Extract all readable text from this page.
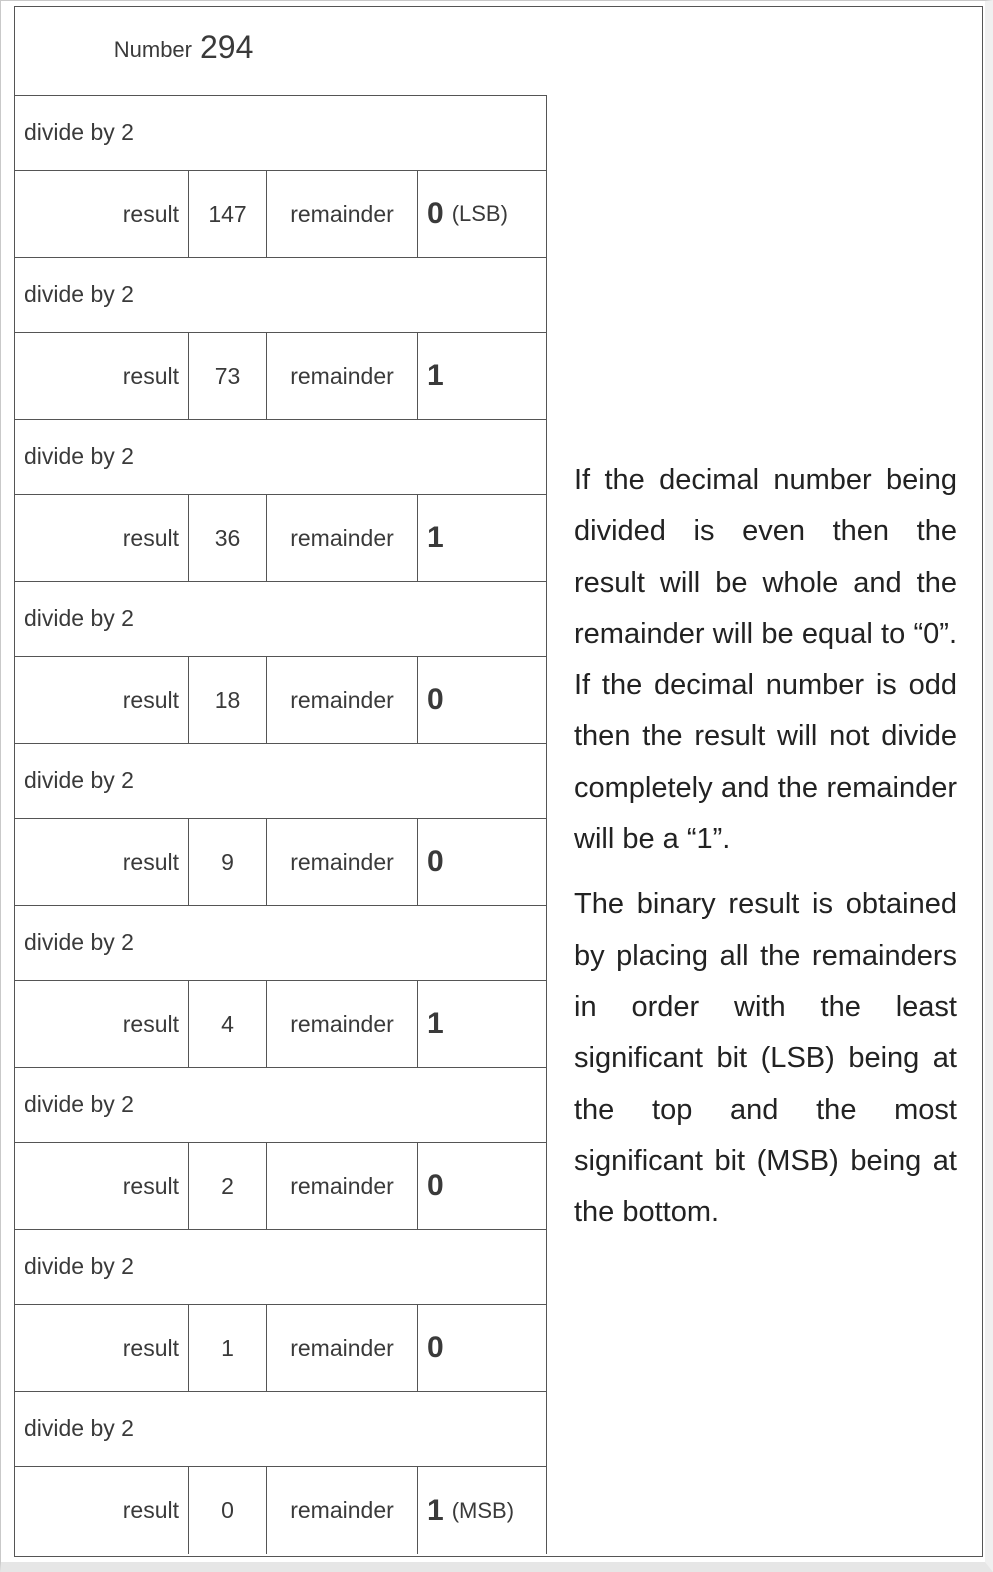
Number 294
divide by 2
result	147	remainder	0 (LSB)
divide by 2
result	73	remainder	1
divide by 2
result	36	remainder	1
divide by 2
result	18	remainder	0
divide by 2
result	9	remainder	0
divide by 2
result	4	remainder	1
divide by 2
result	2	remainder	0
divide by 2
result	1	remainder	0
divide by 2
result	0	remainder	1 (MSB)

If the decimal number being divided is even then the result will be whole and the remainder will be equal to “0”. If the decimal number is odd then the result will not divide completely and the remainder will be a “1”.

The binary result is obtained by placing all the remainders in order with the least significant bit (LSB) being at the top and the most significant bit (MSB) being at the bottom.
